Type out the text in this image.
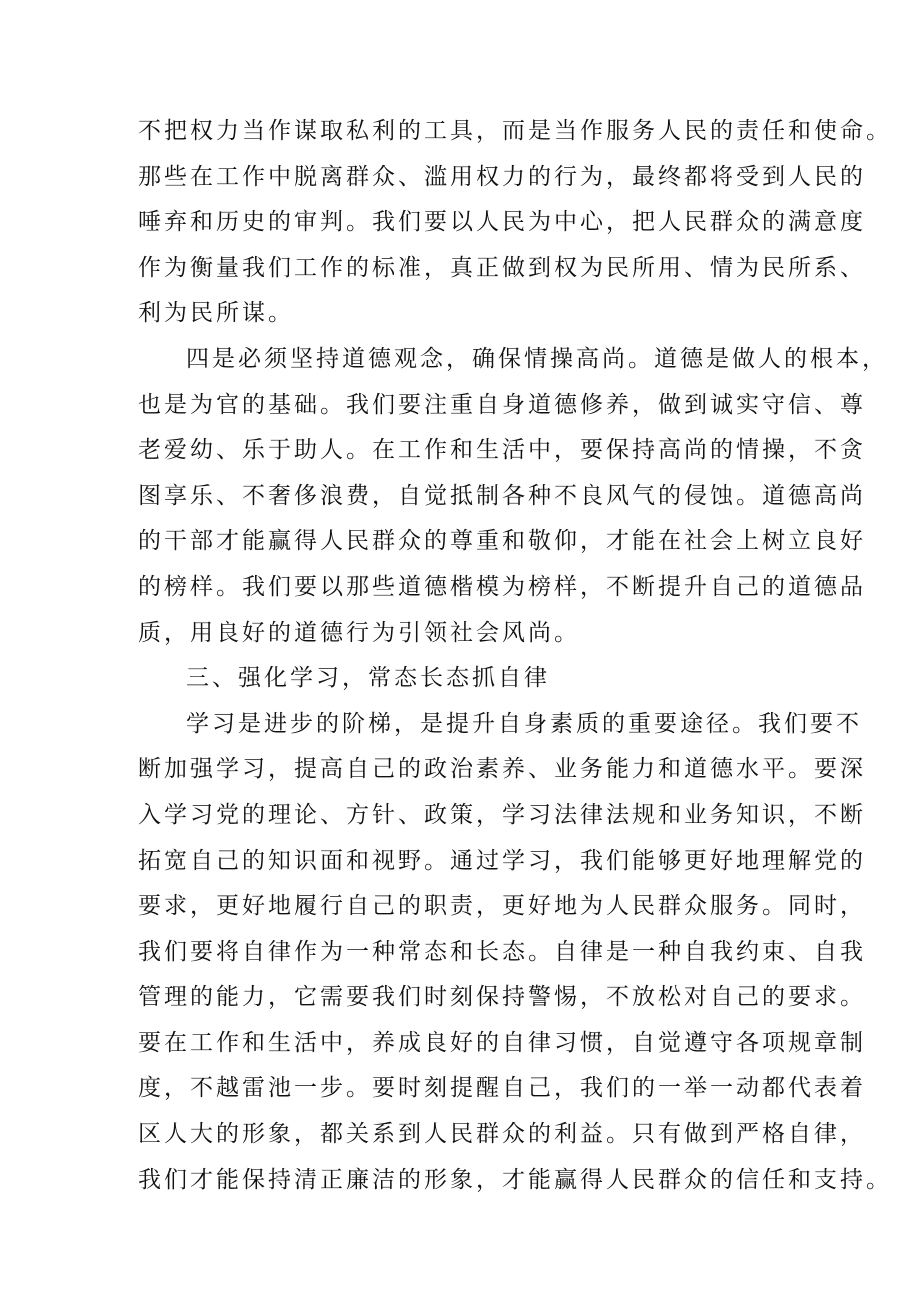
不把权力当作谋取私利的工具，而是当作服务人民的责任和使命。
那些在工作中脱离群众、滥用权力的行为，最终都将受到人民的
唾弃和历史的审判。我们要以人民为中心，把人民群众的满意度
作为衡量我们工作的标准，真正做到权为民所用、情为民所系、
利为民所谋。
四是必须坚持道德观念，确保情操高尚。道德是做人的根本，
也是为官的基础。我们要注重自身道德修养，做到诚实守信、尊
老爱幼、乐于助人。在工作和生活中，要保持高尚的情操，不贪
图享乐、不奢侈浪费，自觉抵制各种不良风气的侵蚀。道德高尚
的干部才能赢得人民群众的尊重和敬仰，才能在社会上树立良好
的榜样。我们要以那些道德楷模为榜样，不断提升自己的道德品
质，用良好的道德行为引领社会风尚。
三、强化学习，常态长态抓自律
学习是进步的阶梯，是提升自身素质的重要途径。我们要不
断加强学习，提高自己的政治素养、业务能力和道德水平。要深
入学习党的理论、方针、政策，学习法律法规和业务知识，不断
拓宽自己的知识面和视野。通过学习，我们能够更好地理解党的
要求，更好地履行自己的职责，更好地为人民群众服务。同时，
我们要将自律作为一种常态和长态。自律是一种自我约束、自我
管理的能力，它需要我们时刻保持警惕，不放松对自己的要求。
要在工作和生活中，养成良好的自律习惯，自觉遵守各项规章制
度，不越雷池一步。要时刻提醒自己，我们的一举一动都代表着
区人大的形象，都关系到人民群众的利益。只有做到严格自律，
我们才能保持清正廉洁的形象，才能赢得人民群众的信任和支持。
